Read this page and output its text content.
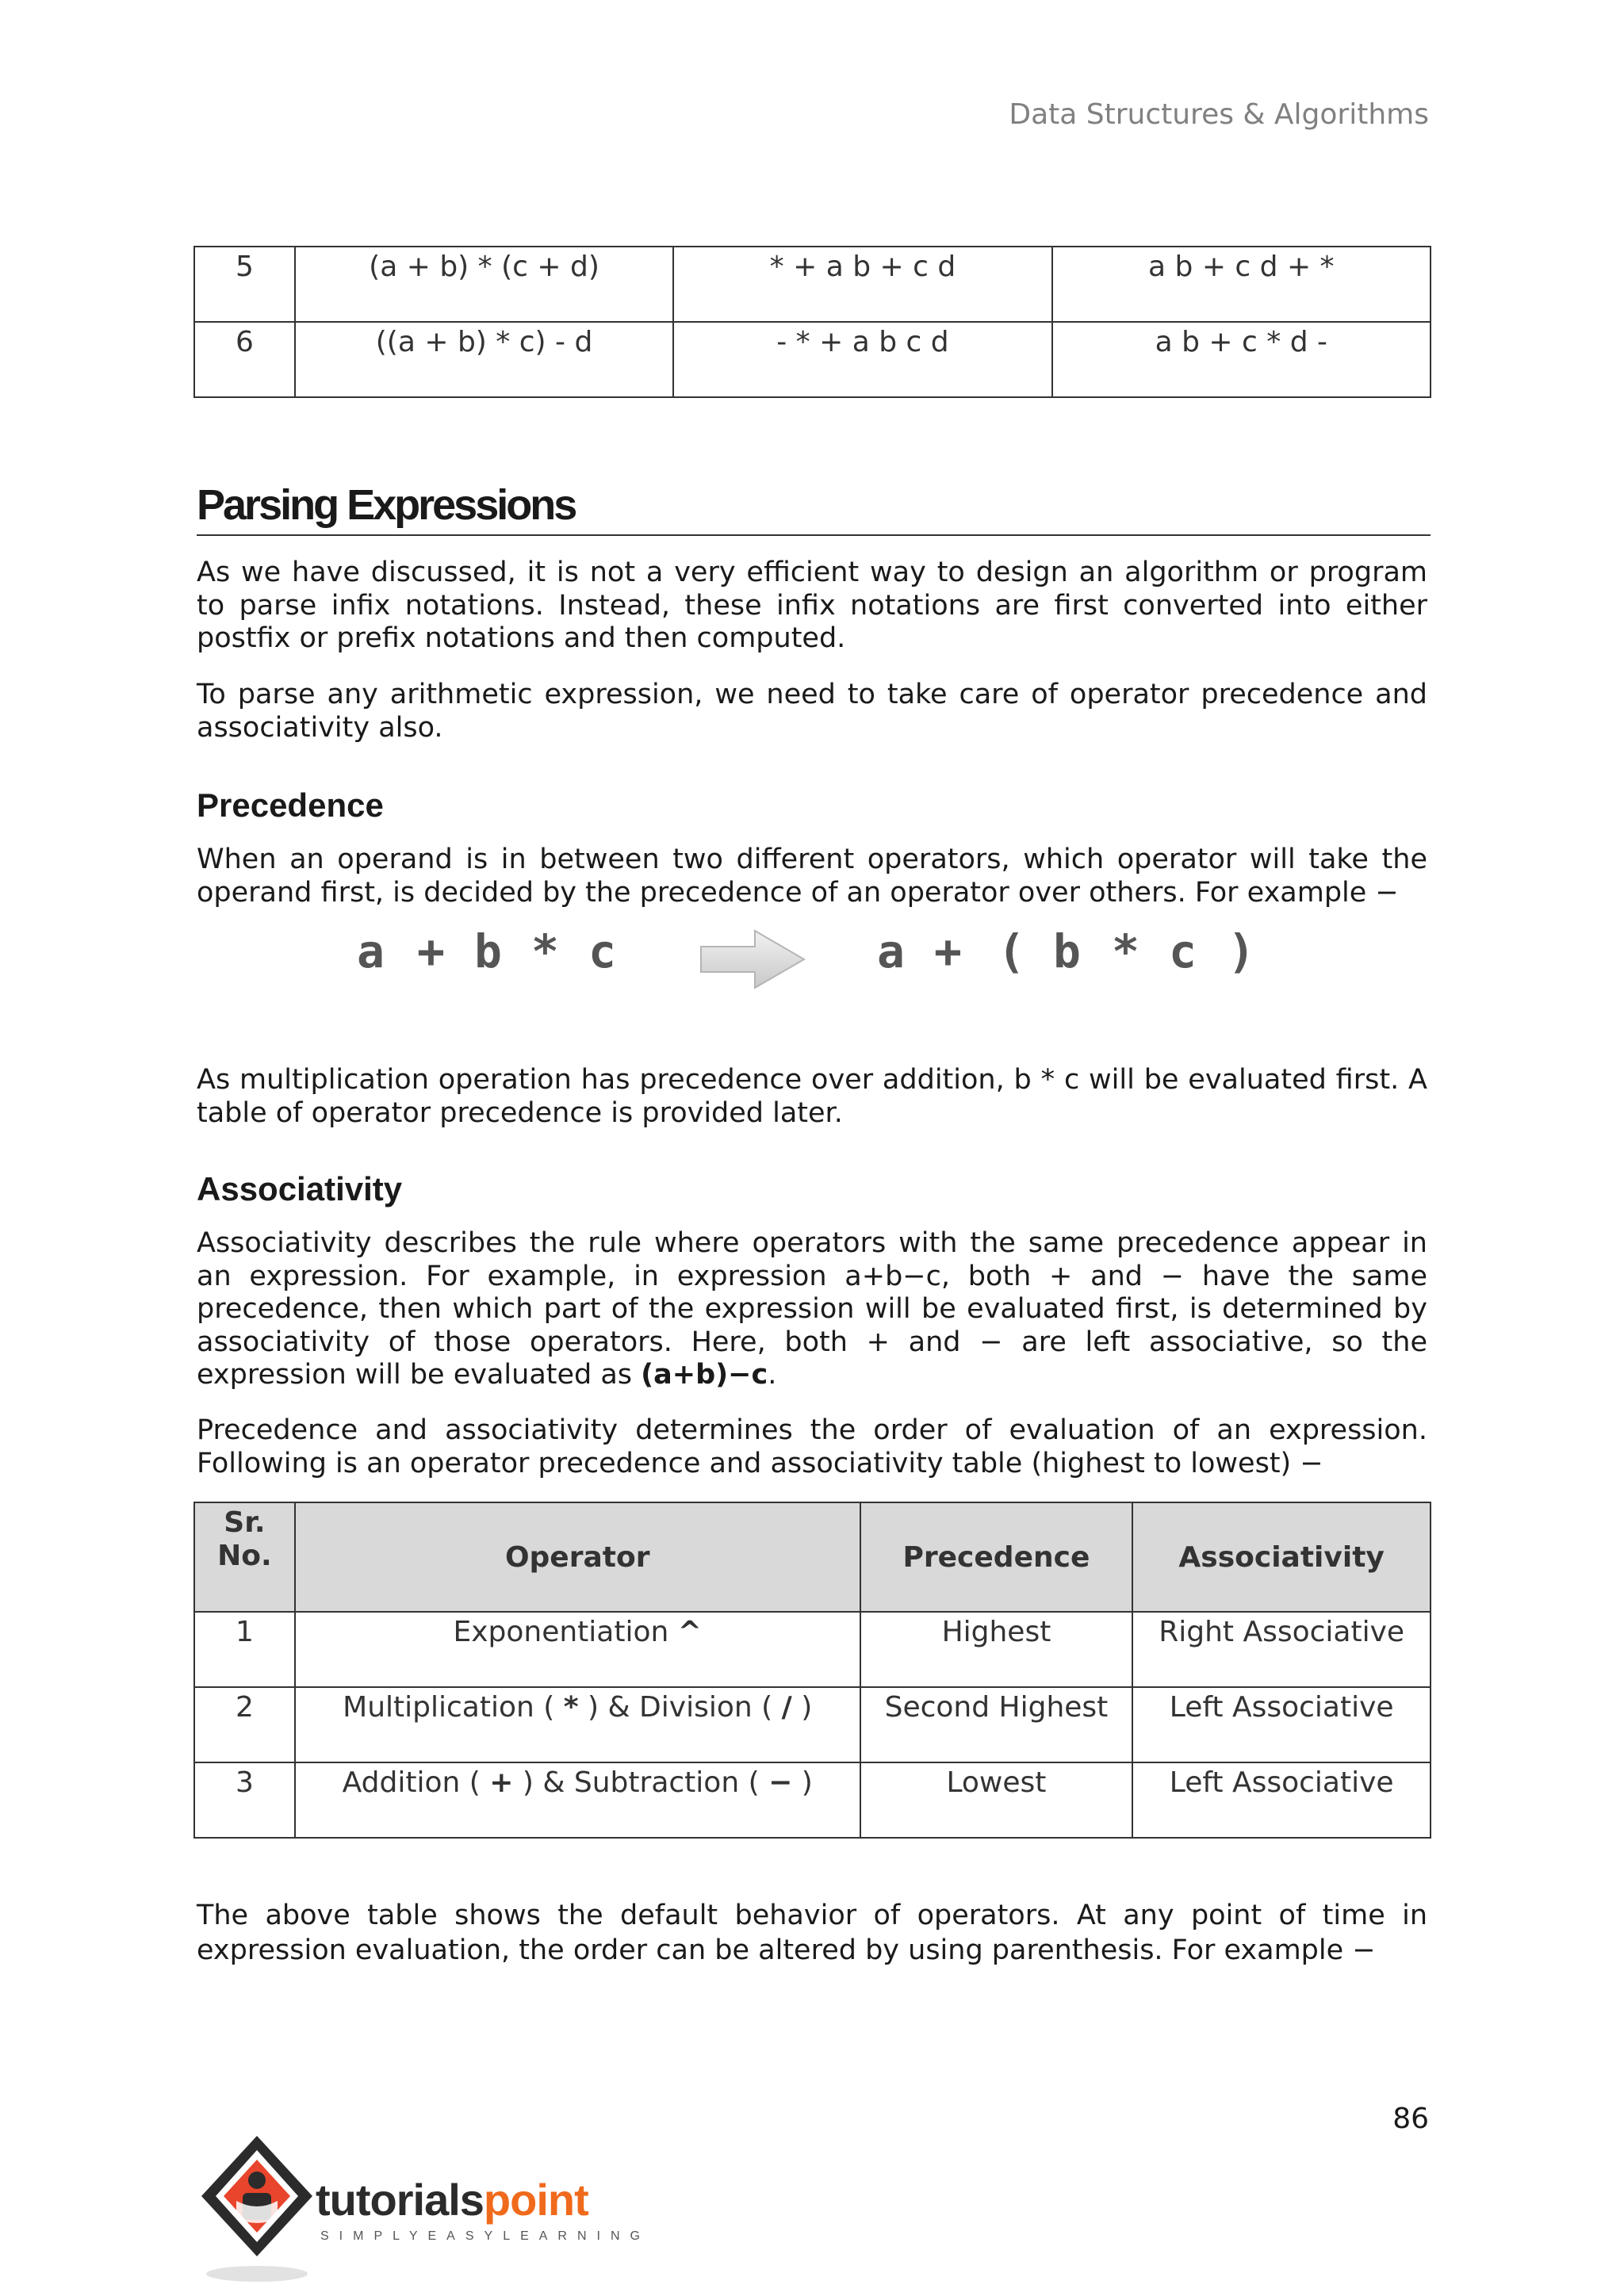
Data Structures & Algorithms
5	(a + b) * (c + d)	* + a b + c d	a b + c d + *
6	((a + b) * c) - d	- * + a b c d	a b + c * d -
Parsing Expressions

As we have discussed, it is not a very efficient way to design an algorithm or program to parse infix notations. Instead, these infix notations are first converted into either postfix or prefix notations and then computed.

To parse any arithmetic expression, we need to take care of operator precedence and associativity also.

Precedence

When an operand is in between two different operators, which operator will take the operand first, is decided by the precedence of an operator over others. For example −

a + b * c	a + ( b * c )

As multiplication operation has precedence over addition, b * c will be evaluated first. A table of operator precedence is provided later.

Associativity

Associativity describes the rule where operators with the same precedence appear in an expression. For example, in expression a+b−c, both + and − have the same precedence, then which part of the expression will be evaluated first, is determined by associativity of those operators. Here, both + and − are left associative, so the expression will be evaluated as (a+b)−c.

Precedence and associativity determines the order of evaluation of an expression. Following is an operator precedence and associativity table (highest to lowest) −

Sr.
No.	Operator	Precedence	Associativity
1	Exponentiation ^	Highest	Right Associative
2	Multiplication ( * ) & Division ( / )	Second Highest	Left Associative
3	Addition ( + ) & Subtraction ( − )	Lowest	Left Associative

The above table shows the default behavior of operators. At any point of time in expression evaluation, the order can be altered by using parenthesis. For example −

86
tutorialspoint
SIMPLYEASYLEARNING
